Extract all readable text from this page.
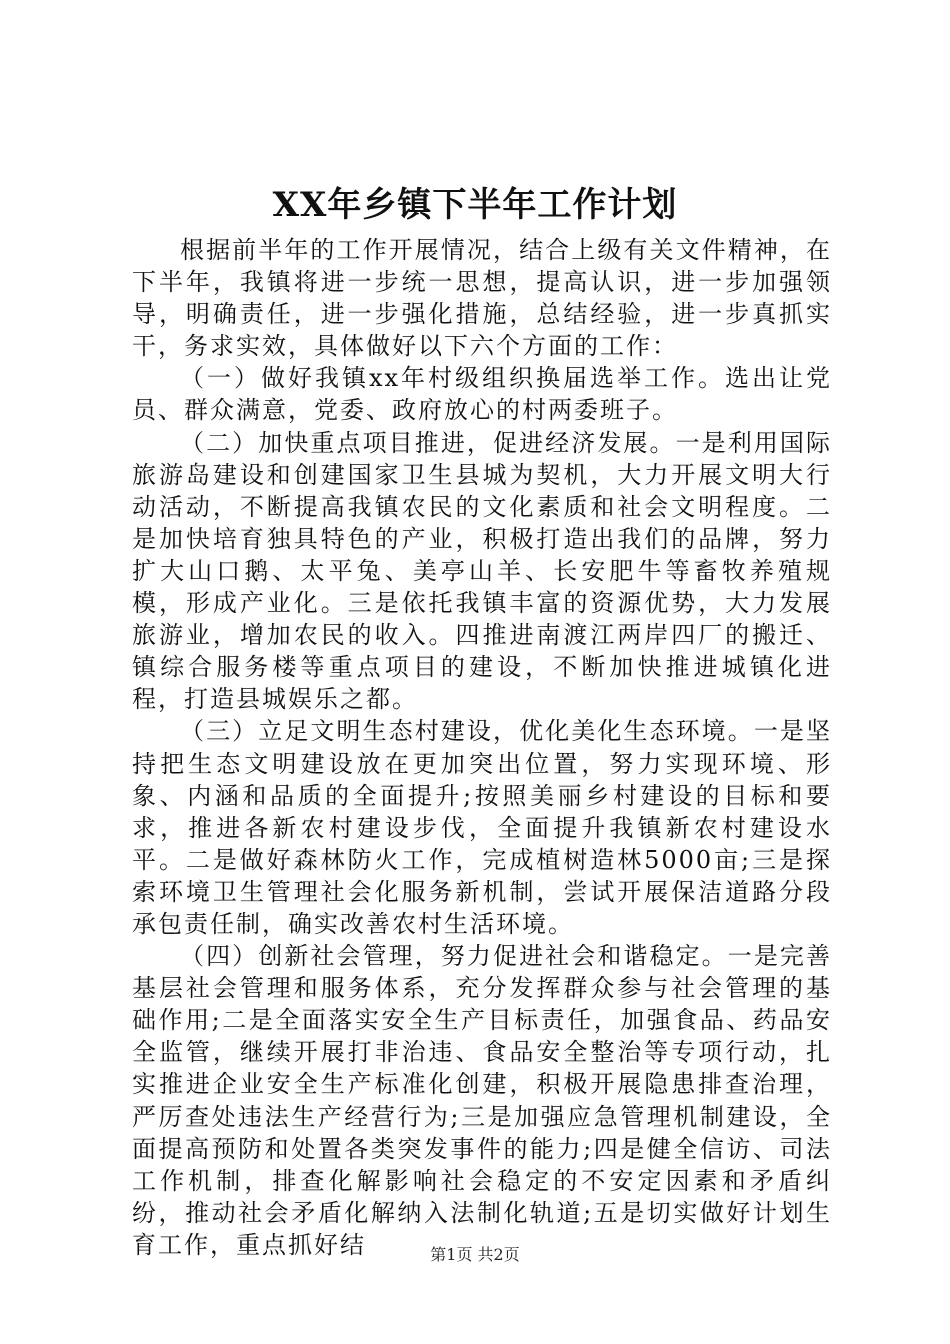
XX年乡镇下半年工作计划

根据前半年的工作开展情况，结合上级有关文件精神，在下半年，我镇将进一步统一思想，提高认识，进一步加强领导，明确责任，进一步强化措施，总结经验，进一步真抓实干，务求实效，具体做好以下六个方面的工作：

（一）做好我镇xx年村级组织换届选举工作。选出让党员、群众满意，党委、政府放心的村两委班子。

（二）加快重点项目推进，促进经济发展。一是利用国际旅游岛建设和创建国家卫生县城为契机，大力开展文明大行动活动，不断提高我镇农民的文化素质和社会文明程度。二是加快培育独具特色的产业，积极打造出我们的品牌，努力扩大山口鹅、太平兔、美亭山羊、长安肥牛等畜牧养殖规模，形成产业化。三是依托我镇丰富的资源优势，大力发展旅游业，增加农民的收入。四推进南渡江两岸四厂的搬迁、镇综合服务楼等重点项目的建设，不断加快推进城镇化进程，打造县城娱乐之都。

（三）立足文明生态村建设，优化美化生态环境。一是坚持把生态文明建设放在更加突出位置，努力实现环境、形象、内涵和品质的全面提升;按照美丽乡村建设的目标和要求，推进各新农村建设步伐，全面提升我镇新农村建设水平。二是做好森林防火工作，完成植树造林5000亩;三是探索环境卫生管理社会化服务新机制，尝试开展保洁道路分段承包责任制，确实改善农村生活环境。

（四）创新社会管理，努力促进社会和谐稳定。一是完善基层社会管理和服务体系，充分发挥群众参与社会管理的基础作用;二是全面落实安全生产目标责任，加强食品、药品安全监管，继续开展打非治违、食品安全整治等专项行动，扎实推进企业安全生产标准化创建，积极开展隐患排查治理，严厉查处违法生产经营行为;三是加强应急管理机制建设，全面提高预防和处置各类突发事件的能力;四是健全信访、司法工作机制，排查化解影响社会稳定的不安定因素和矛盾纠纷，推动社会矛盾化解纳入法制化轨道;五是切实做好计划生育工作，重点抓好结	第1页 共2页
